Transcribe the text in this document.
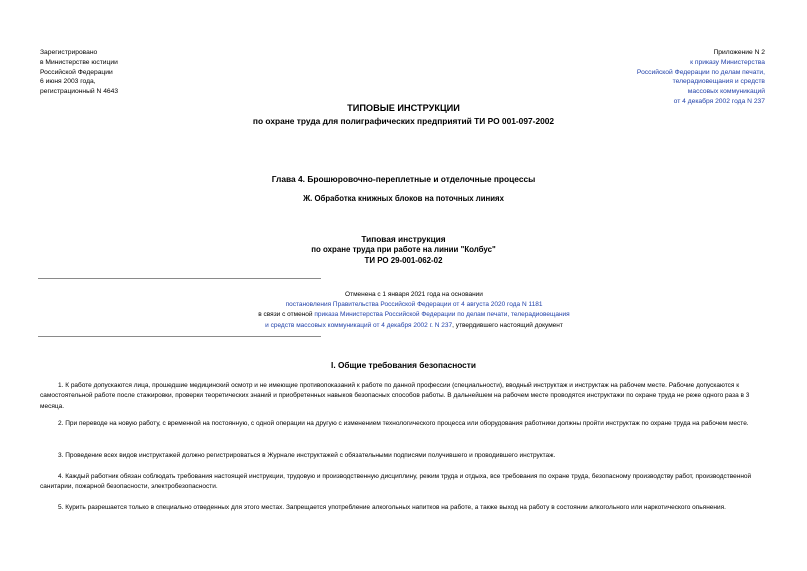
Зарегистрировано
в Министерстве юстиции
Российской Федерации
6 июня 2003 года,
регистрационный N 4643
Приложение N 2
к приказу Министерства
Российской Федерации по делам печати,
телерадиовещания и средств
массовых коммуникаций
от 4 декабря 2002 года N 237
ТИПОВЫЕ ИНСТРУКЦИИ
по охране труда для полиграфических предприятий ТИ РО 001-097-2002
Глава 4. Брошюровочно-переплетные и отделочные процессы
Ж. Обработка книжных блоков на поточных линиях
Типовая инструкция
по охране труда при работе на линии "Колбус"
ТИ РО 29-001-062-02
Отменена с 1 января 2021 года на основании
постановления Правительства Российской Федерации от 4 августа 2020 года N 1181
в связи с отменой приказа Министерства Российской Федерации по делам печати, телерадиовещания
и средств массовых коммуникаций от 4 декабря 2002 г. N 237, утвердившего настоящий документ
I. Общие требования безопасности
1. К работе допускаются лица, прошедшие медицинский осмотр и не имеющие противопоказаний к работе по данной профессии (специальности), вводный инструктаж и инструктаж на рабочем месте. Рабочие допускаются к самостоятельной работе после стажировки, проверки теоретических знаний и приобретенных навыков безопасных способов работы. В дальнейшем на рабочем месте проводятся инструктажи по охране труда не реже одного раза в 3 месяца.
2. При переводе на новую работу, с временной на постоянную, с одной операции на другую с изменением технологического процесса или оборудования работники должны пройти инструктаж по охране труда на рабочем месте.
3. Проведение всех видов инструктажей должно регистрироваться в Журнале инструктажей с обязательными подписями получившего и проводившего инструктаж.
4. Каждый работник обязан соблюдать требования настоящей инструкции, трудовую и производственную дисциплину, режим труда и отдыха, все требования по охране труда, безопасному производству работ, производственной санитарии, пожарной безопасности, электробезопасности.
5. Курить разрешается только в специально отведенных для этого местах. Запрещается употребление алкогольных напитков на работе, а также выход на работу в состоянии алкогольного или наркотического опьянения.
